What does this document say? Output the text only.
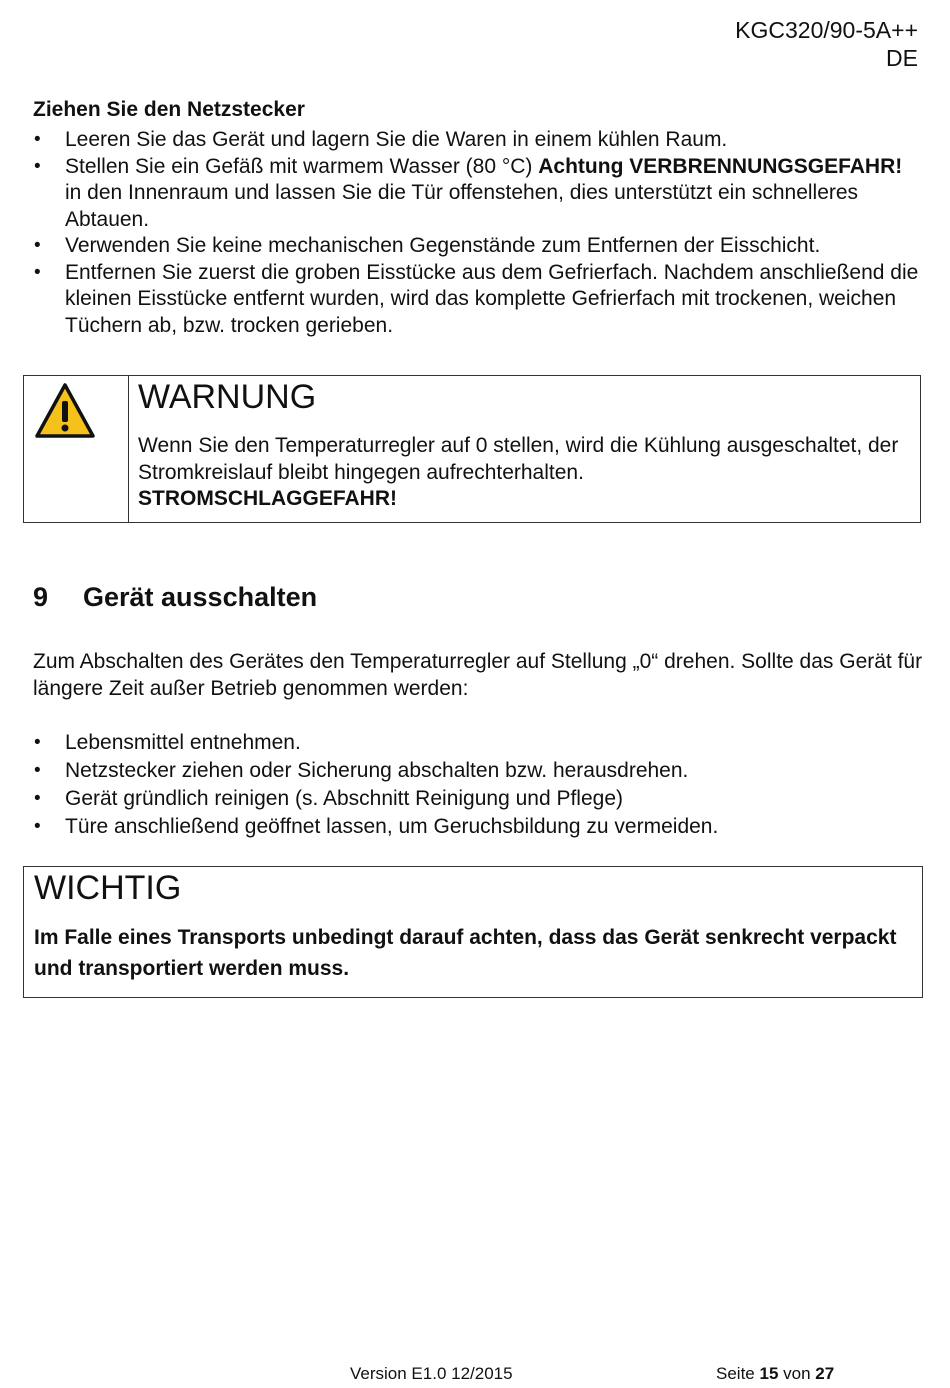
KGC320/90-5A++
DE
Ziehen Sie den Netzstecker
• Leeren Sie das Gerät und lagern Sie die Waren in einem kühlen Raum.
• Stellen Sie ein Gefäß mit warmem Wasser (80 °C) Achtung VERBRENNUNGSGEFAHR! in den Innenraum und lassen Sie die Tür offenstehen, dies unterstützt ein schnelleres Abtauen.
• Verwenden Sie keine mechanischen Gegenstände zum Entfernen der Eisschicht.
• Entfernen Sie zuerst die groben Eisstücke aus dem Gefrierfach. Nachdem anschließend die kleinen Eisstücke entfernt wurden, wird das komplette Gefrierfach mit trockenen, weichen Tüchern ab, bzw. trocken gerieben.
WARNUNG
Wenn Sie den Temperaturregler auf 0 stellen, wird die Kühlung ausgeschaltet, der Stromkreislauf bleibt hingegen aufrechterhalten.
STROMSCHLAGGEFAHR!
9 Gerät ausschalten
Zum Abschalten des Gerätes den Temperaturregler auf Stellung „0“ drehen. Sollte das Gerät für längere Zeit außer Betrieb genommen werden:
• Lebensmittel entnehmen.
• Netzstecker ziehen oder Sicherung abschalten bzw. herausdrehen.
• Gerät gründlich reinigen (s. Abschnitt Reinigung und Pflege)
• Türe anschließend geöffnet lassen, um Geruchsbildung zu vermeiden.
WICHTIG
Im Falle eines Transports unbedingt darauf achten, dass das Gerät senkrecht verpackt und transportiert werden muss.
Version E1.0 12/2015	Seite 15 von 27
